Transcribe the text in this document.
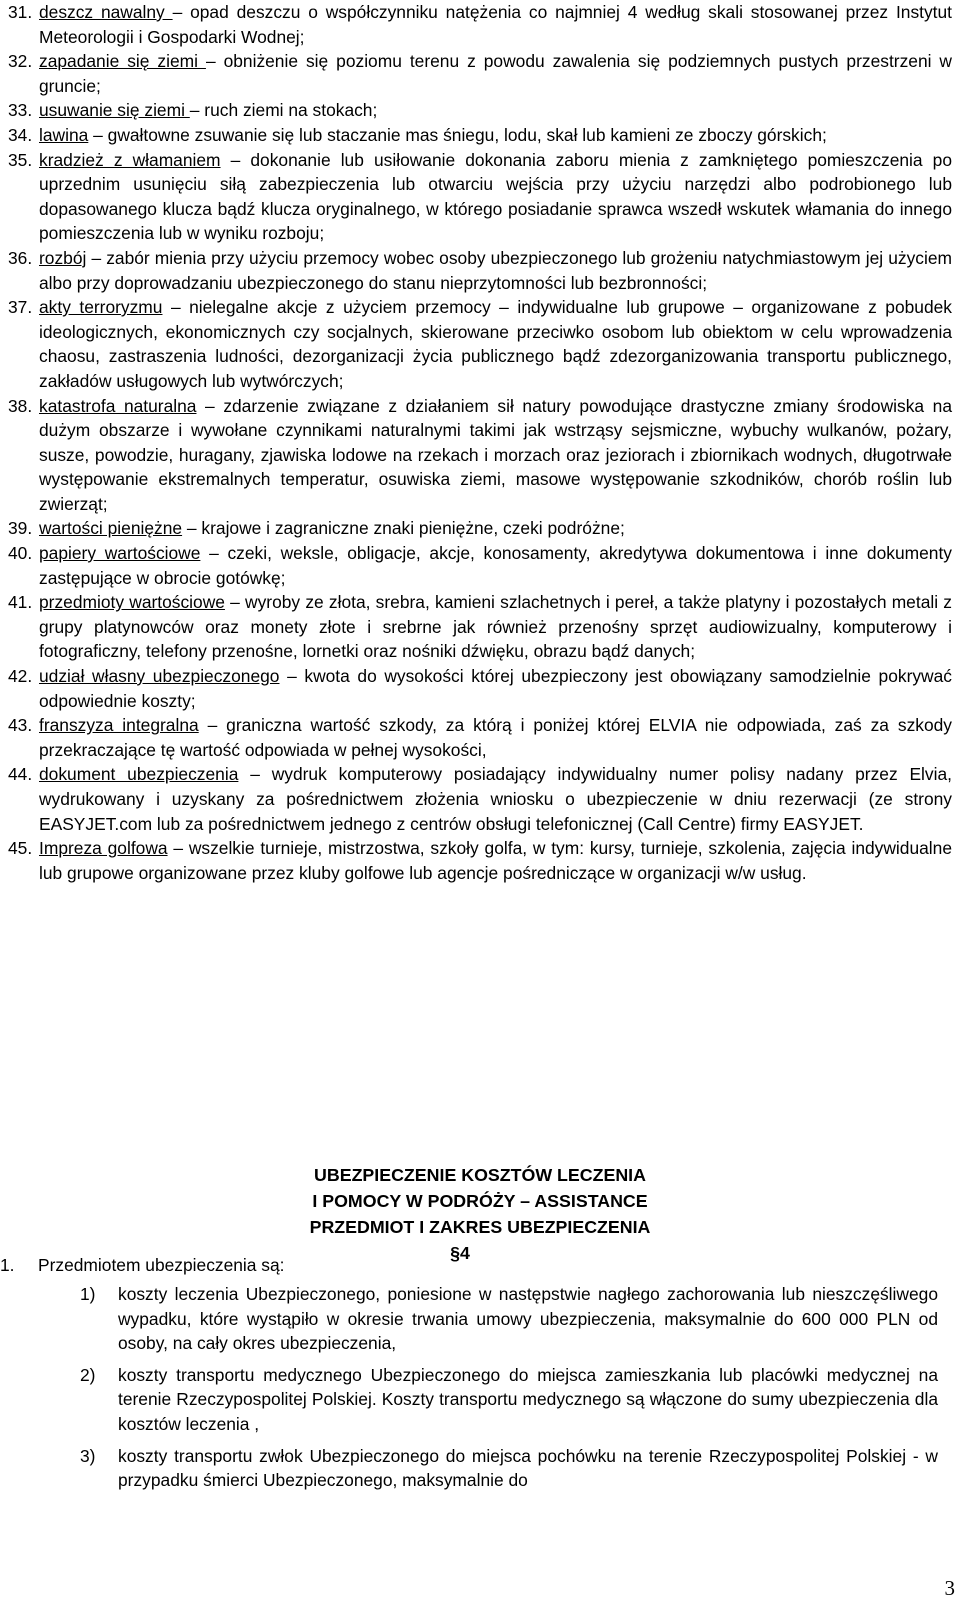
31. deszcz nawalny – opad deszczu o współczynniku natężenia co najmniej 4 według skali stosowanej przez Instytut Meteorologii i Gospodarki Wodnej;
32. zapadanie się ziemi – obniżenie się poziomu terenu z powodu zawalenia się podziemnych pustych przestrzeni w gruncie;
33. usuwanie się ziemi – ruch ziemi na stokach;
34. lawina – gwałtowne zsuwanie się lub staczanie mas śniegu, lodu, skał lub kamieni ze zboczy górskich;
35. kradzież z włamaniem – dokonanie lub usiłowanie dokonania zaboru mienia z zamkniętego pomieszczenia po uprzednim usunięciu siłą zabezpieczenia lub otwarciu wejścia przy użyciu narzędzi albo podrobionego lub dopasowanego klucza bądź klucza oryginalnego, w którego posiadanie sprawca wszedł wskutek włamania do innego pomieszczenia lub w wyniku rozboju;
36. rozbój – zabór mienia przy użyciu przemocy wobec osoby ubezpieczonego lub grożeniu natychmiastowym jej użyciem albo przy doprowadzaniu ubezpieczonego do stanu nieprzytomności lub bezbronności;
37. akty terroryzmu – nielegalne akcje z użyciem przemocy – indywidualne lub grupowe – organizowane z pobudek ideologicznych, ekonomicznych czy socjalnych, skierowane przeciwko osobom lub obiektom w celu wprowadzenia chaosu, zastraszenia ludności, dezorganizacji życia publicznego bądź zdezorganizowania transportu publicznego, zakładów usługowych lub wytwórczych;
38. katastrofa naturalna – zdarzenie związane z działaniem sił natury powodujące drastyczne zmiany środowiska na dużym obszarze i wywołane czynnikami naturalnymi takimi jak wstrząsy sejsmiczne, wybuchy wulkanów, pożary, susze, powodzie, huragany, zjawiska lodowe na rzekach i morzach oraz jeziorach i zbiornikach wodnych, długotrwałe występowanie ekstremalnych temperatur, osuwiska ziemi, masowe występowanie szkodników, chorób roślin lub zwierząt;
39. wartości pieniężne – krajowe i zagraniczne znaki pieniężne, czeki podróżne;
40. papiery wartościowe – czeki, weksle, obligacje, akcje, konosamenty, akredytywa dokumentowa i inne dokumenty zastępujące w obrocie gotówkę;
41. przedmioty wartościowe – wyroby ze złota, srebra, kamieni szlachetnych i pereł, a także platyny i pozostałych metali z grupy platynowców oraz monety złote i srebrne jak również przenośny sprzęt audiowizualny, komputerowy i fotograficzny, telefony przenośne, lornetki oraz nośniki dźwięku, obrazu bądź danych;
42. udział własny ubezpieczonego – kwota do wysokości której ubezpieczony jest obowiązany samodzielnie pokrywać odpowiednie koszty;
43. franszyza integralna – graniczna wartość szkody, za którą i poniżej której ELVIA nie odpowiada, zaś za szkody przekraczające tę wartość odpowiada w pełnej wysokości,
44. dokument ubezpieczenia – wydruk komputerowy posiadający indywidualny numer polisy nadany przez Elvia, wydrukowany i uzyskany za pośrednictwem złożenia wniosku o ubezpieczenie w dniu rezerwacji (ze strony EASYJET.com lub za pośrednictwem jednego z centrów obsługi telefonicznej (Call Centre) firmy EASYJET.
45. Impreza golfowa – wszelkie turnieje, mistrzostwa, szkoły golfa, w tym: kursy, turnieje, szkolenia, zajęcia indywidualne lub grupowe organizowane przez kluby golfowe lub agencje pośredniczące w organizacji w/w usług.
UBEZPIECZENIE KOSZTÓW LECZENIA
I POMOCY W PODRÓŻY – ASSISTANCE
PRZEDMIOT I ZAKRES UBEZPIECZENIA
§4
1. Przedmiotem ubezpieczenia są:
1) koszty leczenia Ubezpieczonego, poniesione w następstwie nagłego zachorowania lub nieszczęśliwego wypadku, które wystąpiło w okresie trwania umowy ubezpieczenia, maksymalnie do 600 000 PLN od osoby, na cały okres ubezpieczenia,
2) koszty transportu medycznego Ubezpieczonego do miejsca zamieszkania lub placówki medycznej na terenie Rzeczypospolitej Polskiej. Koszty transportu medycznego są włączone do sumy ubezpieczenia dla kosztów leczenia ,
3) koszty transportu zwłok Ubezpieczonego do miejsca pochówku na terenie Rzeczypospolitej Polskiej - w przypadku śmierci Ubezpieczonego, maksymalnie do
3
